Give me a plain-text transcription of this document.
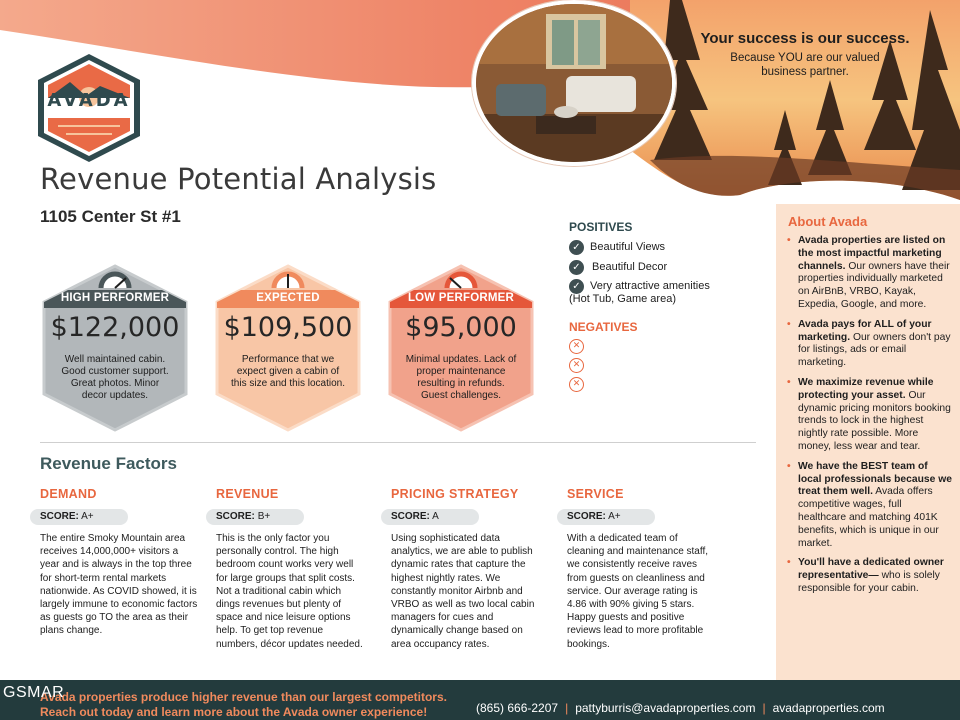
AVADA
Your success is our success.
Because YOU are our valued
business partner.
Revenue Potential Analysis
1105 Center St #1
HIGH PERFORMER
$122,000
Well maintained cabin. Good customer support. Great photos. Minor decor updates.
EXPECTED
$109,500
Performance that we expect given a cabin of this size and this location.
LOW PERFORMER
$95,000
Minimal updates. Lack of proper maintenance resulting in refunds. Guest challenges.
POSITIVES
✓ Beautiful Views
✓	Beautiful Decor
✓ Very attractive amenities
(Hot Tub, Game area)
NEGATIVES
✕
✕
✕
Revenue Factors
DEMAND
SCORE: A+
The entire Smoky Mountain area receives 14,000,000+ visitors a year and is always in the top three for short-term rental markets nationwide. As COVID showed, it is largely immune to economic factors as guests go TO the area as their plans change.
REVENUE
SCORE: B+
This is the only factor you personally control. The high bedroom count works very well for large groups that split costs. Not a traditional cabin which dings revenues but plenty of space and nice leisure options help. To get top revenue numbers, décor updates needed.
PRICING STRATEGY
SCORE: A
Using sophisticated data analytics, we are able to publish dynamic rates that capture the highest nightly rates. We constantly monitor Airbnb and VRBO as well as two local cabin managers for cues and dynamically change based on area occupancy rates.
SERVICE
SCORE: A+
With a dedicated team of cleaning and maintenance staff, we consistently receive raves from guests on cleanliness and service. Our average rating is 4.86 with 90% giving 5 stars. Happy guests and positive reviews lead to more profitable bookings.
About Avada
• Avada properties are listed on the most impactful marketing channels. Our owners have their properties individually marketed on AirBnB, VRBO, Kayak, Expedia, Google, and more.
• Avada pays for ALL of your marketing. Our owners don't pay for listings, ads or email marketing.
• We maximize revenue while protecting your asset. Our dynamic pricing monitors booking trends to lock in the highest nightly rate possible. More money, less wear and tear.
• We have the BEST team of local professionals because we treat them well. Avada offers competitive wages, full healthcare and matching 401K benefits, which is unique in our market.
• You'll have a dedicated owner representative— who is solely responsible for your cabin.
Avada properties produce higher revenue than our largest competitors.
Reach out today and learn more about the Avada owner experience!	(865) 666-2207 | pattyburris@avadaproperties.com | avadaproperties.com
GSMAR
